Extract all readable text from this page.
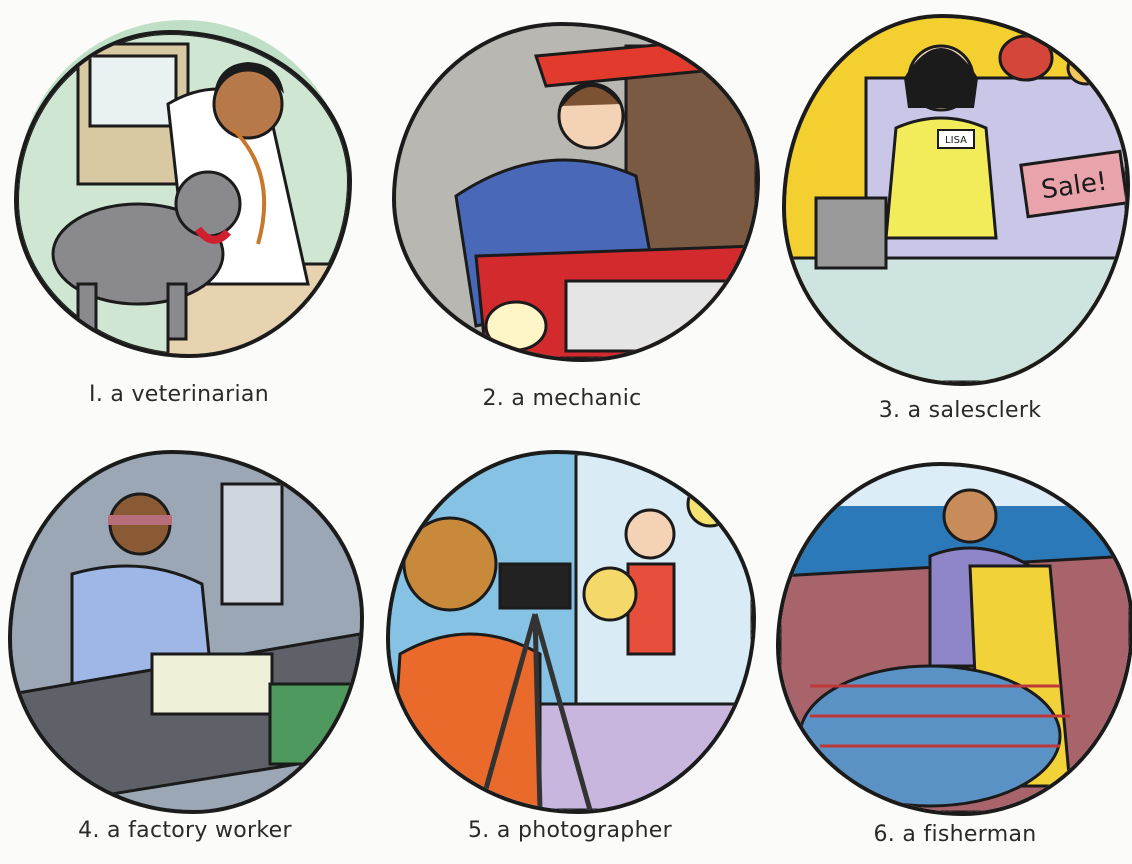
I. a veterinarian	2. a mechanic
LISA
Sale!
3. a salesclerk
4. a factory worker	5. a photographer	6. a fisherman
